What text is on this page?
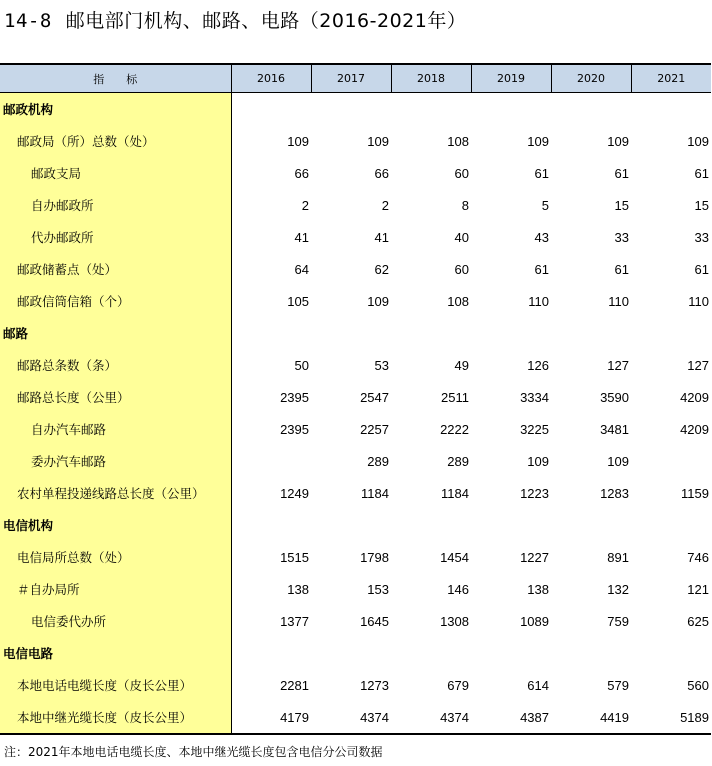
14-8 邮电部门机构、邮路、电路（2016-2021年）
指标	2016	2017	2018	2019	2020	2021
邮政机构						
邮政局（所）总数（处）	109	109	108	109	109	109
邮政支局	66	66	60	61	61	61
自办邮政所	2	2	8	5	15	15
代办邮政所	41	41	40	43	33	33
邮政储蓄点（处）	64	62	60	61	61	61
邮政信筒信箱（个）	105	109	108	110	110	110
邮路						
邮路总条数（条）	50	53	49	126	127	127
邮路总长度（公里）	2395	2547	2511	3334	3590	4209
自办汽车邮路	2395	2257	2222	3225	3481	4209
委办汽车邮路		289	289	109	109	
农村单程投递线路总长度（公里）	1249	1184	1184	1223	1283	1159
电信机构						
电信局所总数（处）	1515	1798	1454	1227	891	746
＃自办局所	138	153	146	138	132	121
电信委代办所	1377	1645	1308	1089	759	625
电信电路						
本地电话电缆长度（皮长公里）	2281	1273	679	614	579	560
本地中继光缆长度（皮长公里）	4179	4374	4374	4387	4419	5189
注：2021年本地电话电缆长度、本地中继光缆长度包含电信分公司数据
